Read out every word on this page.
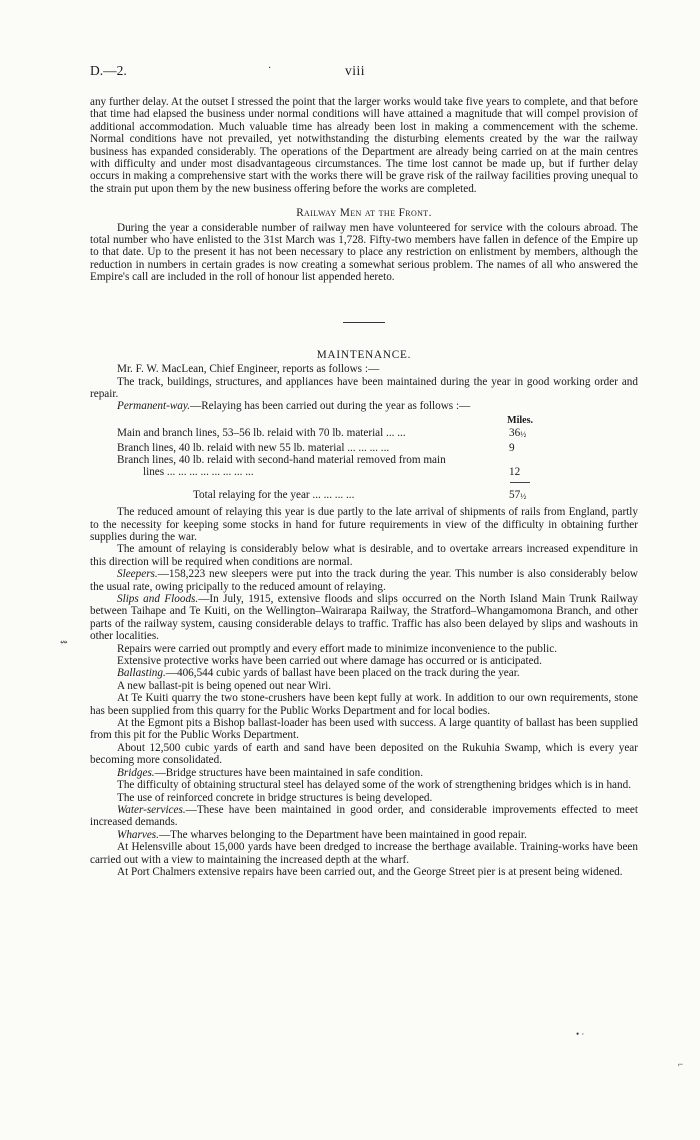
D.—2.	·	viii
↭
• ·
⌐

any further delay. At the outset I stressed the point that the larger works would take five years to complete, and that before that time had elapsed the business under normal conditions will have attained a magnitude that will compel provision of additional accommodation. Much valuable time has already been lost in making a commencement with the scheme. Normal conditions have not prevailed, yet notwithstanding the disturbing elements created by the war the railway business has expanded considerably. The operations of the Department are already being carried on at the main centres with difficulty and under most disadvantageous circumstances. The time lost cannot be made up, but if further delay occurs in making a comprehensive start with the works there will be grave risk of the railway facilities proving unequal to the strain put upon them by the new business offering before the works are completed.

Railway Men at the Front.

During the year a considerable number of railway men have volunteered for service with the colours abroad. The total number who have enlisted to the 31st March was 1,728. Fifty-two members have fallen in defence of the Empire up to that date. Up to the present it has not been necessary to place any restriction on enlistment by members, although the reduction in numbers in certain grades is now creating a somewhat serious problem. The names of all who answered the Empire's call are included in the roll of honour list appended hereto.

MAINTENANCE.

Mr. F. W. MacLean, Chief Engineer, reports as follows :—

The track, buildings, structures, and appliances have been maintained during the year in good working order and repair.

Permanent-way.—Relaying has been carried out during the year as follows :—

Miles.
Main and branch lines, 53–56 lb. relaid with 70 lb. material ... ...	36½
Branch lines, 40 lb. relaid with new 55 lb. material ... ... ... ...	9
Branch lines, 40 lb. relaid with second-hand material removed from main
lines ... ... ... ... ... ... ... ...	12
Total relaying for the year ... ... ... ...	57½

The reduced amount of relaying this year is due partly to the late arrival of shipments of rails from England, partly to the necessity for keeping some stocks in hand for future requirements in view of the difficulty in obtaining further supplies during the war.

The amount of relaying is considerably below what is desirable, and to overtake arrears increased expenditure in this direction will be required when conditions are normal.

Sleepers.—158,223 new sleepers were put into the track during the year. This number is also considerably below the usual rate, owing pricipally to the reduced amount of relaying.

Slips and Floods.—In July, 1915, extensive floods and slips occurred on the North Island Main Trunk Railway between Taihape and Te Kuiti, on the Wellington–Wairarapa Railway, the Stratford–Whangamomona Branch, and other parts of the railway system, causing considerable delays to traffic. Traffic has also been delayed by slips and washouts in other localities.

Repairs were carried out promptly and every effort made to minimize inconvenience to the public.

Extensive protective works have been carried out where damage has occurred or is anticipated.

Ballasting.—406,544 cubic yards of ballast have been placed on the track during the year.

A new ballast-pit is being opened out near Wiri.

At Te Kuiti quarry the two stone-crushers have been kept fully at work. In addition to our own requirements, stone has been supplied from this quarry for the Public Works Department and for local bodies.

At the Egmont pits a Bishop ballast-loader has been used with success. A large quantity of ballast has been supplied from this pit for the Public Works Department.

About 12,500 cubic yards of earth and sand have been deposited on the Rukuhia Swamp, which is every year becoming more consolidated.

Bridges.—Bridge structures have been maintained in safe condition.

The difficulty of obtaining structural steel has delayed some of the work of strengthening bridges which is in hand.

The use of reinforced concrete in bridge structures is being developed.

Water-services.—These have been maintained in good order, and considerable improvements effected to meet increased demands.

Wharves.—The wharves belonging to the Department have been maintained in good repair.

At Helensville about 15,000 yards have been dredged to increase the berthage available. Training-works have been carried out with a view to maintaining the increased depth at the wharf.

At Port Chalmers extensive repairs have been carried out, and the George Street pier is at present being widened.
